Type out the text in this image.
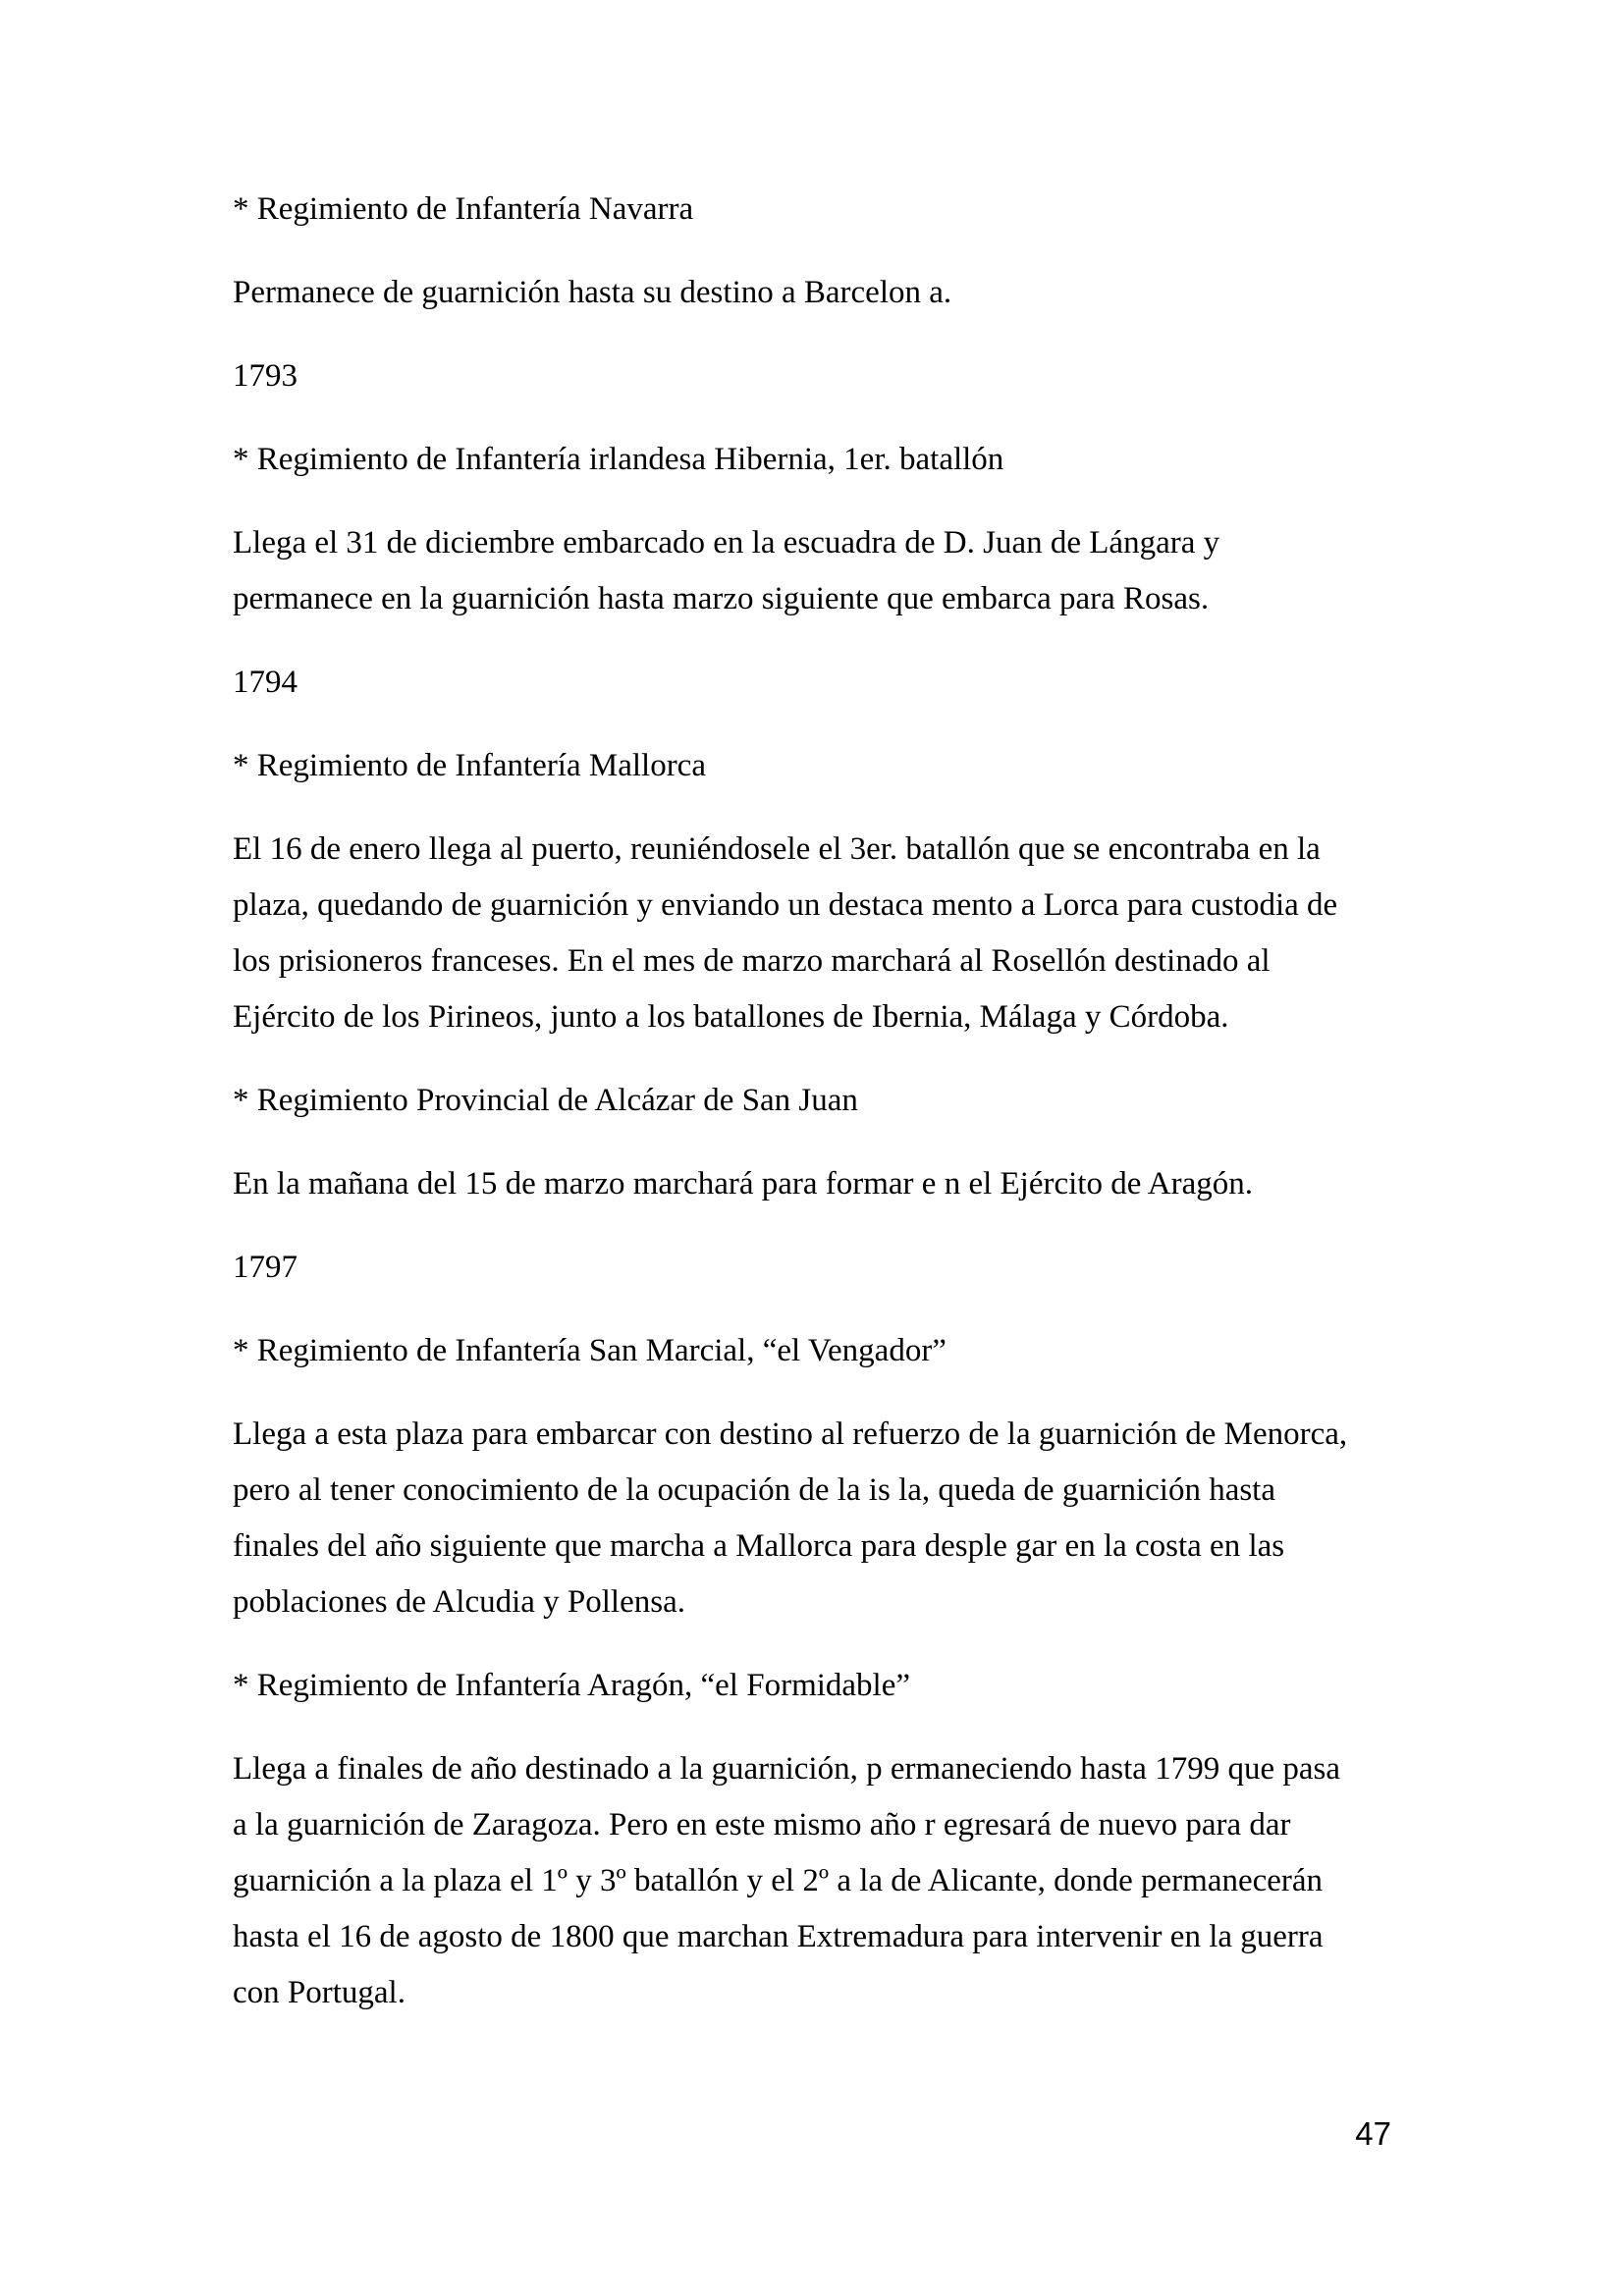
* Regimiento de Infantería Navarra
Permanece de guarnición hasta su destino a Barcelon a.
1793
* Regimiento de Infantería irlandesa Hibernia, 1er. batallón
Llega el 31 de diciembre embarcado en la escuadra de D. Juan de Lángara y
permanece en la guarnición hasta marzo siguiente que embarca para Rosas.
1794
* Regimiento de Infantería Mallorca
El 16 de enero llega al puerto, reuniéndosele el 3er. batallón que se encontraba en la
plaza, quedando de guarnición y enviando un destaca mento a Lorca para custodia de
los prisioneros franceses. En el mes de marzo marchará al Rosellón destinado al
Ejército de los Pirineos, junto a los batallones de Ibernia, Málaga y Córdoba.
* Regimiento Provincial de Alcázar de San Juan
En la mañana del 15 de marzo marchará para formar e n el Ejército de Aragón.
1797
* Regimiento de Infantería San Marcial, “el Vengador”
Llega a esta plaza para embarcar con destino al refuerzo de la guarnición de Menorca,
pero al tener conocimiento de la ocupación de la is la, queda de guarnición hasta
finales del año siguiente que marcha a Mallorca para desple gar en la costa en las
poblaciones de Alcudia y Pollensa.
* Regimiento de Infantería Aragón, “el Formidable”
Llega a finales de año destinado a la guarnición, p ermaneciendo hasta 1799 que pasa
a la guarnición de Zaragoza. Pero en este mismo año r egresará de nuevo para dar
guarnición a la plaza el 1º y 3º batallón y el 2º a la de Alicante, donde permanecerán
hasta el 16 de agosto de 1800 que marchan Extremadura para intervenir en la guerra
con Portugal.
47
